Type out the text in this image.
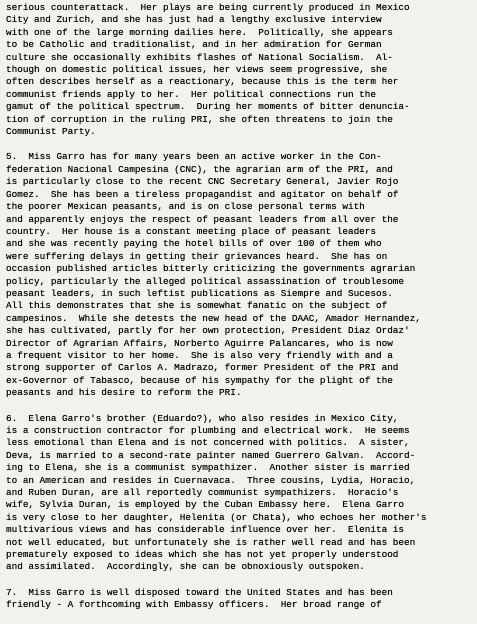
serious counterattack.  Her plays are being currently produced in Mexico
City and Zurich, and she has just had a lengthy exclusive interview
with one of the large morning dailies here.  Politically, she appears
to be Catholic and traditionalist, and in her admiration for German
culture she occasionally exhibits flashes of National Socialism.  Al-
though on domestic political issues, her views seem progressive, she
often describes herself as a reactionary, because this is the term her
communist friends apply to her.  Her political connections run the
gamut of the political spectrum.  During her moments of bitter denuncia-
tion of corruption in the ruling PRI, she often threatens to join the
Communist Party.
5.  Miss Garro has for many years been an active worker in the Con-
federation Nacional Campesina (CNC), the agrarian arm of the PRI, and
is particularly close to the recent CNC Secretary General, Javier Rojo
Gomez.  She has been a tireless propagandist and agitator on behalf of
the poorer Mexican peasants, and is on close personal terms with
and apparently enjoys the respect of peasant leaders from all over the
country.  Her house is a constant meeting place of peasant leaders
and she was recently paying the hotel bills of over 100 of them who
were suffering delays in getting their grievances heard.  She has on
occasion published articles bitterly criticizing the governments agrarian
policy, particularly the alleged political assassination of troublesome
peasant leaders, in such leftist publications as Siempre and Sucesos.
All this demonstrates that she is somewhat fanatic on the subject of
campesinos.  While she detests the new head of the DAAC, Amador Hernandez,
she has cultivated, partly for her own protection, President Diaz Ordaz'
Director of Agrarian Affairs, Norberto Aguirre Palancares, who is now
a frequent visitor to her home.  She is also very friendly with and a
strong supporter of Carlos A. Madrazo, former President of the PRI and
ex-Governor of Tabasco, because of his sympathy for the plight of the
peasants and his desire to reform the PRI.
6.  Elena Garro's brother (Eduardo?), who also resides in Mexico City,
is a construction contractor for plumbing and electrical work.  He seems
less emotional than Elena and is not concerned with politics.  A sister,
Deva, is married to a second-rate painter named Guerrero Galvan.  Accord-
ing to Elena, she is a communist sympathizer.  Another sister is married
to an American and resides in Cuernavaca.  Three cousins, Lydia, Horacio,
and Ruben Duran, are all reportedly communist sympathizers.  Horacio's
wife, Sylvia Duran, is employed by the Cuban Embassy here.  Elena Garro
is very close to her daughter, Helenita (or Chata), who echoes her mother's
multivarious views and has considerable influence over her.  Elenita is
not well educated, but unfortunately she is rather well read and has been
prematurely exposed to ideas which she has not yet properly understood
and assimilated.  Accordingly, she can be obnoxiously outspoken.
7.  Miss Garro is well disposed toward the United States and has been
friendly - A forthcoming with Embassy officers.  Her broad range of
